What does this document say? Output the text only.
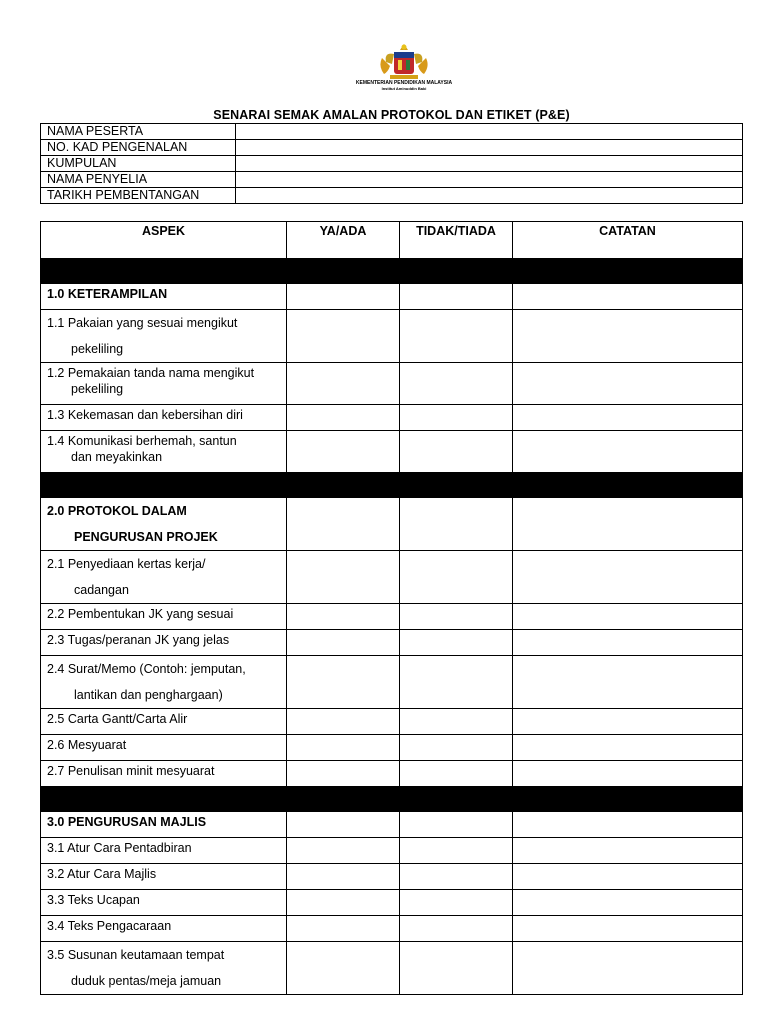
KEMENTERIAN PENDIDIKAN MALAYSIA
Institut Aminuddin Baki
SENARAI SEMAK AMALAN PROTOKOL DAN ETIKET (P&E)
NAMA PESERTA	
NO. KAD PENGENALAN	
KUMPULAN	
NAMA PENYELIA	
TARIKH PEMBENTANGAN	
ASPEK	YA/ADA	TIDAK/TIADA	CATATAN

1.0 KETERAMPILAN			

1.1 Pakaian yang sesuai mengikut
pekeliling			

1.2 Pemakaian tanda nama mengikut
pekeliling			

1.3 Kekemasan dan kebersihan diri			

1.4 Komunikasi berhemah, santun
dan meyakinkan			

2.0 PROTOKOL DALAM
PENGURUSAN PROJEK			

2.1 Penyediaan kertas kerja/
cadangan			

2.2 Pembentukan JK yang sesuai			

2.3 Tugas/peranan JK yang jelas			

2.4 Surat/Memo (Contoh: jemputan,
lantikan dan penghargaan)			

2.5 Carta Gantt/Carta Alir			

2.6 Mesyuarat			

2.7 Penulisan minit mesyuarat			

3.0 PENGURUSAN MAJLIS			

3.1 Atur Cara Pentadbiran			

3.2 Atur Cara Majlis			

3.3 Teks Ucapan			

3.4 Teks Pengacaraan			

3.5 Susunan keutamaan tempat
duduk pentas/meja jamuan			
